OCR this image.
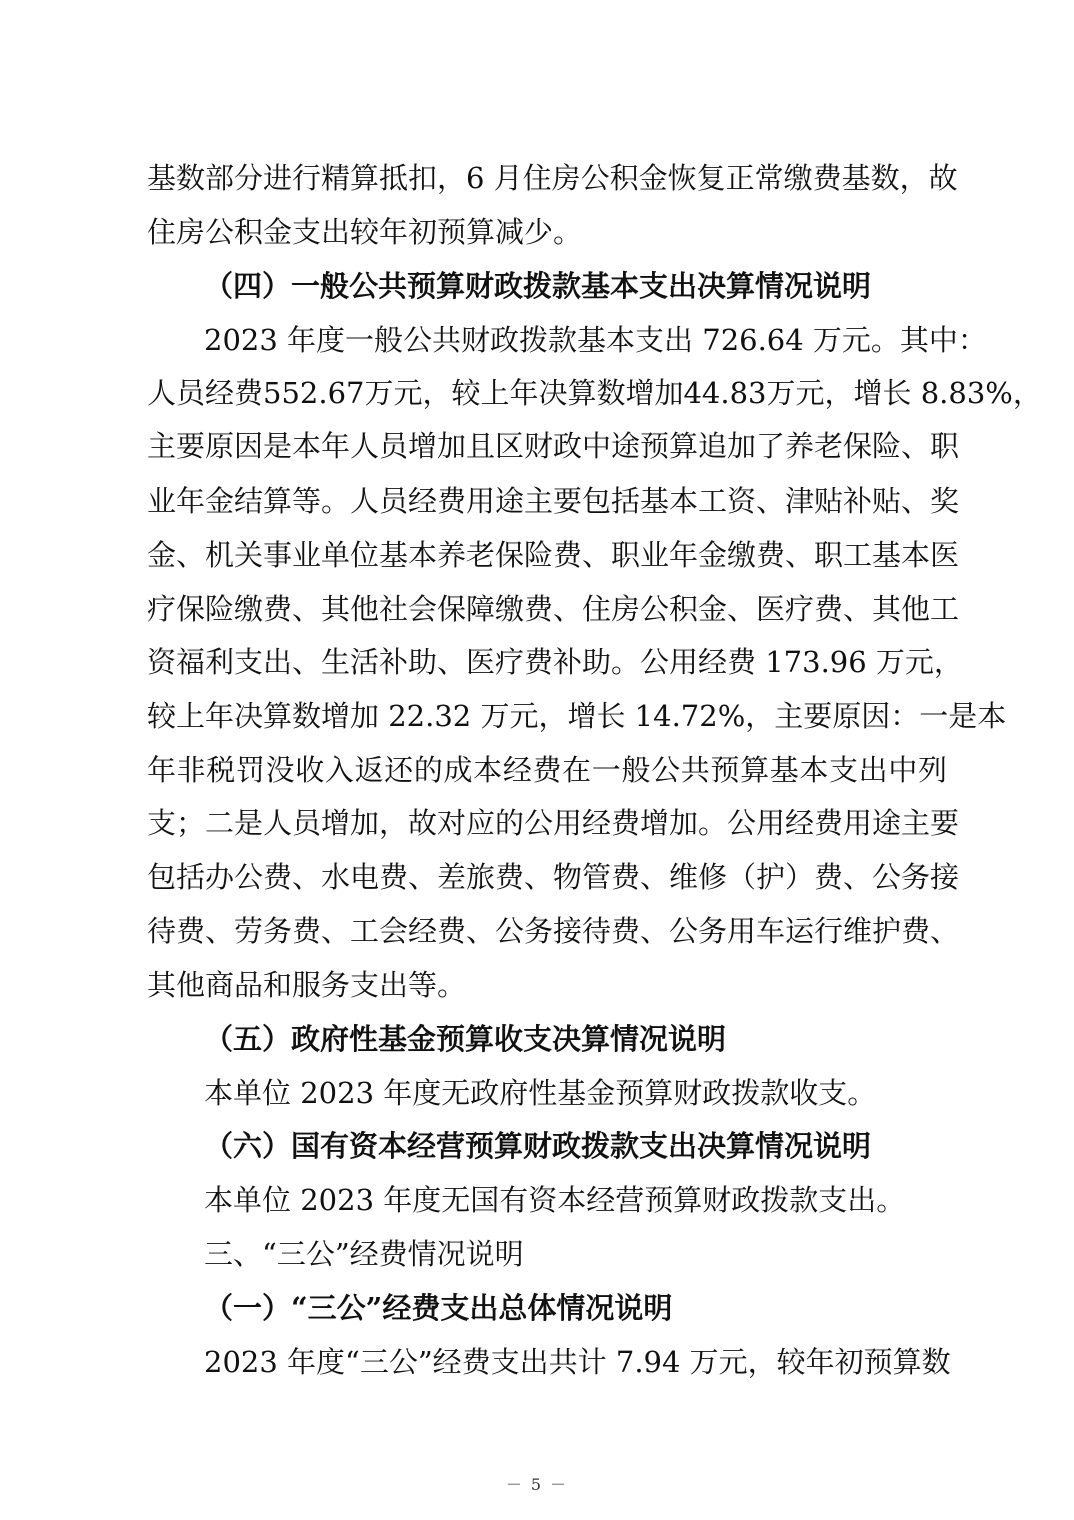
基数部分进行精算抵扣，6 月住房公积金恢复正常缴费基数，故
住房公积金支出较年初预算减少。
（四）一般公共预算财政拨款基本支出决算情况说明
2023 年度一般公共财政拨款基本支出 726.64 万元。其中：
人员经费552.67万元，较上年决算数增加44.83万元，增长 8.83%，
主要原因是本年人员增加且区财政中途预算追加了养老保险、职
业年金结算等。人员经费用途主要包括基本工资、津贴补贴、奖
金、机关事业单位基本养老保险费、职业年金缴费、职工基本医
疗保险缴费、其他社会保障缴费、住房公积金、医疗费、其他工
资福利支出、生活补助、医疗费补助。公用经费 173.96 万元，
较上年决算数增加 22.32 万元，增长 14.72%，主要原因：一是本
年非税罚没收入返还的成本经费在一般公共预算基本支出中列
支；二是人员增加，故对应的公用经费增加。公用经费用途主要
包括办公费、水电费、差旅费、物管费、维修（护）费、公务接
待费、劳务费、工会经费、公务接待费、公务用车运行维护费、
其他商品和服务支出等。
（五）政府性基金预算收支决算情况说明
本单位 2023 年度无政府性基金预算财政拨款收支。
（六）国有资本经营预算财政拨款支出决算情况说明
本单位 2023 年度无国有资本经营预算财政拨款支出。
三、“三公”经费情况说明
（一）“三公”经费支出总体情况说明
2023 年度“三公”经费支出共计 7.94 万元，较年初预算数
－ 5 －
